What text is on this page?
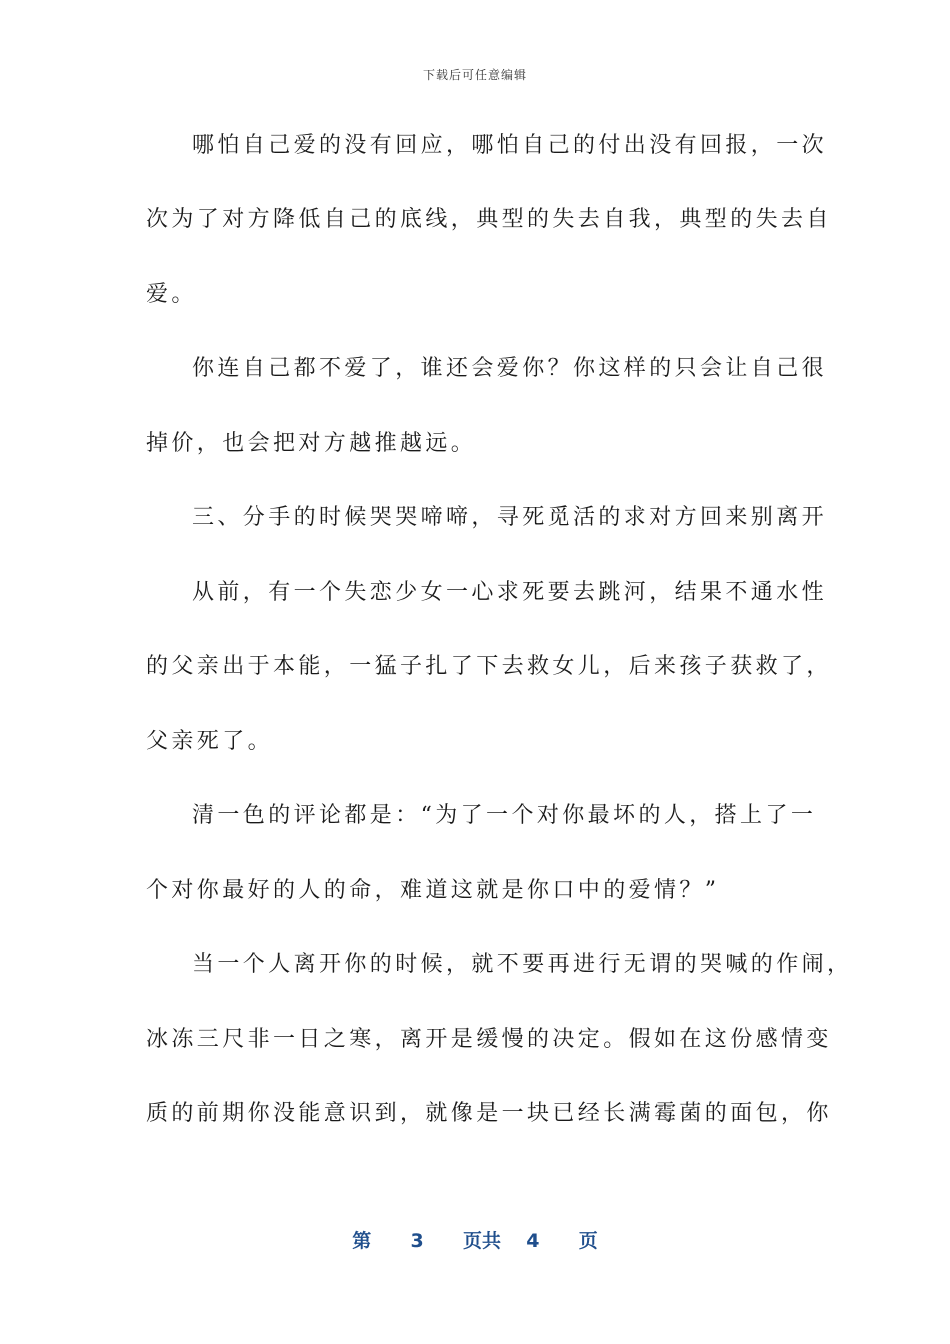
下载后可任意编辑
哪怕自己爱的没有回应，哪怕自己的付出没有回报，一次
次为了对方降低自己的底线，典型的失去自我，典型的失去自
爱。
你连自己都不爱了，谁还会爱你？你这样的只会让自己很
掉价，也会把对方越推越远。
三、分手的时候哭哭啼啼，寻死觅活的求对方回来别离开
从前，有一个失恋少女一心求死要去跳河，结果不通水性
的父亲出于本能，一猛子扎了下去救女儿，后来孩子获救了，
父亲死了。
清一色的评论都是：“为了一个对你最坏的人，搭上了一
个对你最好的人的命，难道这就是你口中的爱情？”
当一个人离开你的时候，就不要再进行无谓的哭喊的作闹，
冰冻三尺非一日之寒，离开是缓慢的决定。假如在这份感情变
质的前期你没能意识到，就像是一块已经长满霉菌的面包，你
第 3 页共 4 页
